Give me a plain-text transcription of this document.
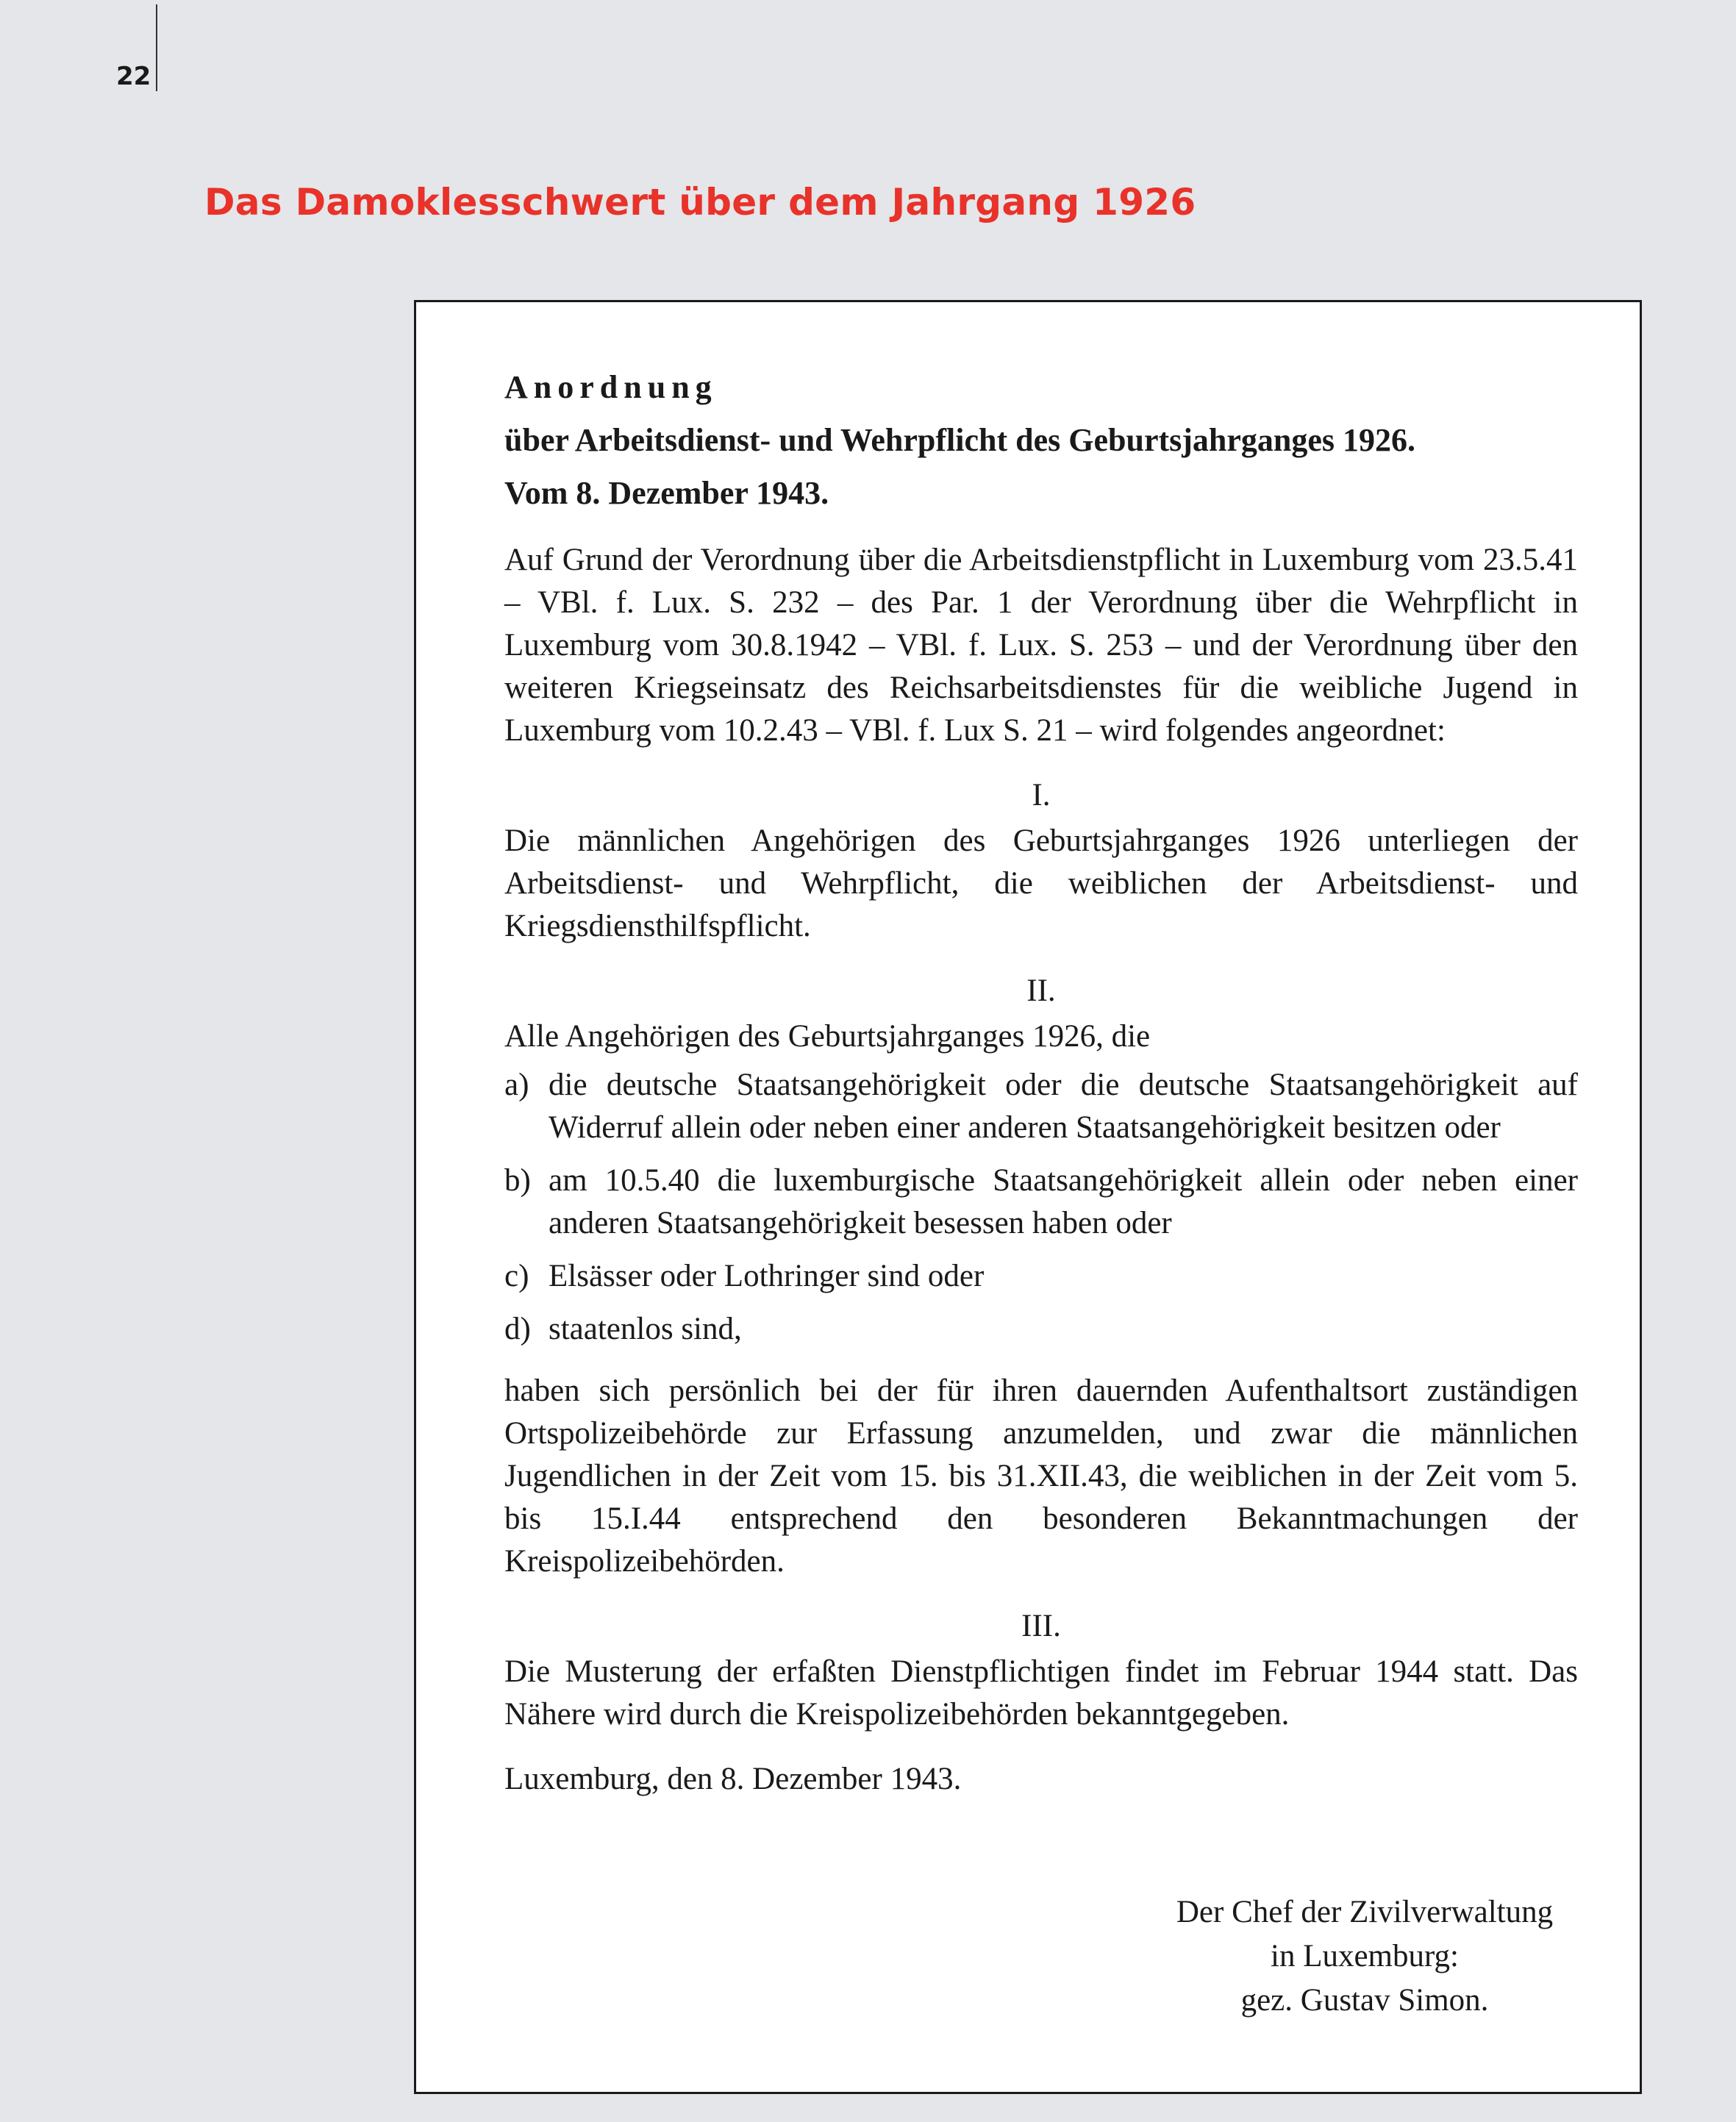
22
Das Damoklesschwert über dem Jahrgang 1926

Anordnung

über Arbeitsdienst- und Wehrpflicht des Geburtsjahrganges 1926.

Vom 8. Dezember 1943.

Auf Grund der Verordnung über die Arbeitsdienstpflicht in Luxemburg vom 23.5.41 – VBl. f. Lux. S. 232 – des Par. 1 der Verordnung über die Wehrpflicht in Luxemburg vom 30.8.1942 – VBl. f. Lux. S. 253 – und der Verordnung über den weiteren Kriegseinsatz des Reichsarbeitsdienstes für die weibliche Jugend in Luxemburg vom 10.2.43 – VBl. f. Lux S. 21 – wird folgendes angeordnet:

I.

Die männlichen Angehörigen des Geburtsjahrganges 1926 unterliegen der Arbeitsdienst- und Wehrpflicht, die weiblichen der Arbeitsdienst- und Kriegsdiensthilfspflicht.

II.

Alle Angehörigen des Geburtsjahrganges 1926, die

a) die deutsche Staatsangehörigkeit oder die deutsche Staatsangehörigkeit auf Widerruf allein oder neben einer anderen Staatsangehörigkeit besitzen oder
b) am 10.5.40 die luxemburgische Staatsangehörigkeit allein oder neben einer anderen Staatsangehörigkeit besessen haben oder
c) Elsässer oder Lothringer sind oder
d) staatenlos sind,

haben sich persönlich bei der für ihren dauernden Aufenthaltsort zuständigen Ortspolizeibehörde zur Erfassung anzumelden, und zwar die männlichen Jugendlichen in der Zeit vom 15. bis 31.XII.43, die weiblichen in der Zeit vom 5. bis 15.I.44 entsprechend den besonderen Bekanntmachungen der Kreispolizeibehörden.

III.

Die Musterung der erfaßten Dienstpflichtigen findet im Februar 1944 statt. Das Nähere wird durch die Kreispolizeibehörden bekanntgegeben.

Luxemburg, den 8. Dezember 1943.

Der Chef der Zivilverwaltung
in Luxemburg:
gez. Gustav Simon.
